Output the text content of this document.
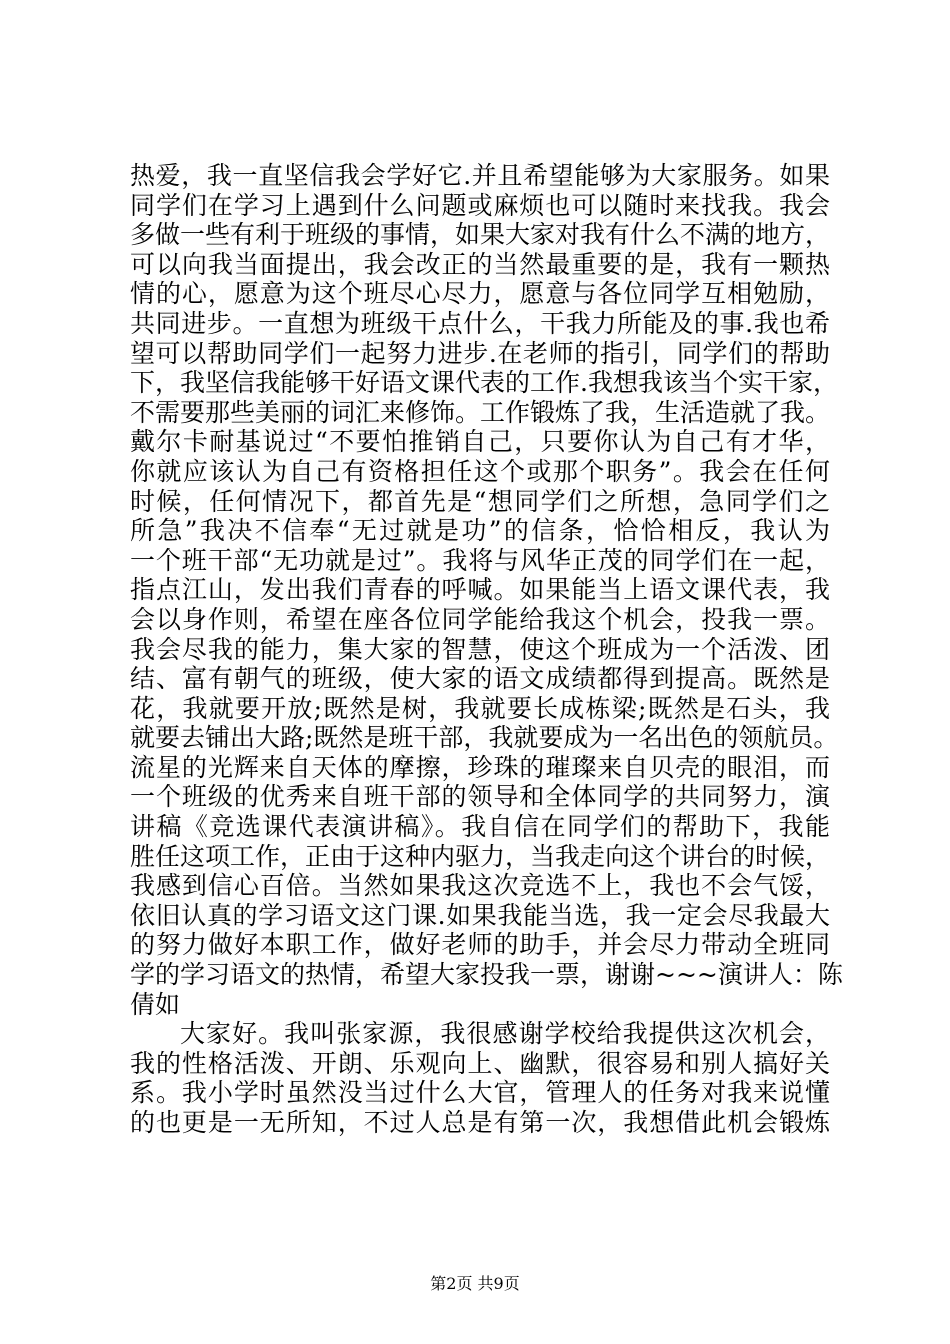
热爱，我一直坚信我会学好它.并且希望能够为大家服务。如果
同学们在学习上遇到什么问题或麻烦也可以随时来找我。我会
多做一些有利于班级的事情，如果大家对我有什么不满的地方，
可以向我当面提出，我会改正的当然最重要的是，我有一颗热
情的心，愿意为这个班尽心尽力，愿意与各位同学互相勉励，
共同进步。一直想为班级干点什么，干我力所能及的事.我也希
望可以帮助同学们一起努力进步.在老师的指引，同学们的帮助
下，我坚信我能够干好语文课代表的工作.我想我该当个实干家，
不需要那些美丽的词汇来修饰。工作锻炼了我，生活造就了我。
戴尔卡耐基说过“不要怕推销自己，只要你认为自己有才华，
你就应该认为自己有资格担任这个或那个职务”。我会在任何
时候，任何情况下，都首先是“想同学们之所想，急同学们之
所急”我决不信奉“无过就是功”的信条，恰恰相反，我认为
一个班干部“无功就是过”。我将与风华正茂的同学们在一起，
指点江山，发出我们青春的呼喊。如果能当上语文课代表，我
会以身作则，希望在座各位同学能给我这个机会，投我一票。
我会尽我的能力，集大家的智慧，使这个班成为一个活泼、团
结、富有朝气的班级，使大家的语文成绩都得到提高。既然是
花，我就要开放;既然是树，我就要长成栋梁;既然是石头，我
就要去铺出大路;既然是班干部，我就要成为一名出色的领航员。
流星的光辉来自天体的摩擦，珍珠的璀璨来自贝壳的眼泪，而
一个班级的优秀来自班干部的领导和全体同学的共同努力，演
讲稿《竞选课代表演讲稿》。我自信在同学们的帮助下，我能
胜任这项工作，正由于这种内驱力，当我走向这个讲台的时候，
我感到信心百倍。当然如果我这次竞选不上，我也不会气馁，
依旧认真的学习语文这门课.如果我能当选，我一定会尽我最大
的努力做好本职工作，做好老师的助手，并会尽力带动全班同
学的学习语文的热情，希望大家投我一票，谢谢~~~演讲人：陈
倩如
大家好。我叫张家源，我很感谢学校给我提供这次机会，
我的性格活泼、开朗、乐观向上、幽默，很容易和别人搞好关
系。我小学时虽然没当过什么大官，管理人的任务对我来说懂
的也更是一无所知，不过人总是有第一次，我想借此机会锻炼
第2页 共9页
